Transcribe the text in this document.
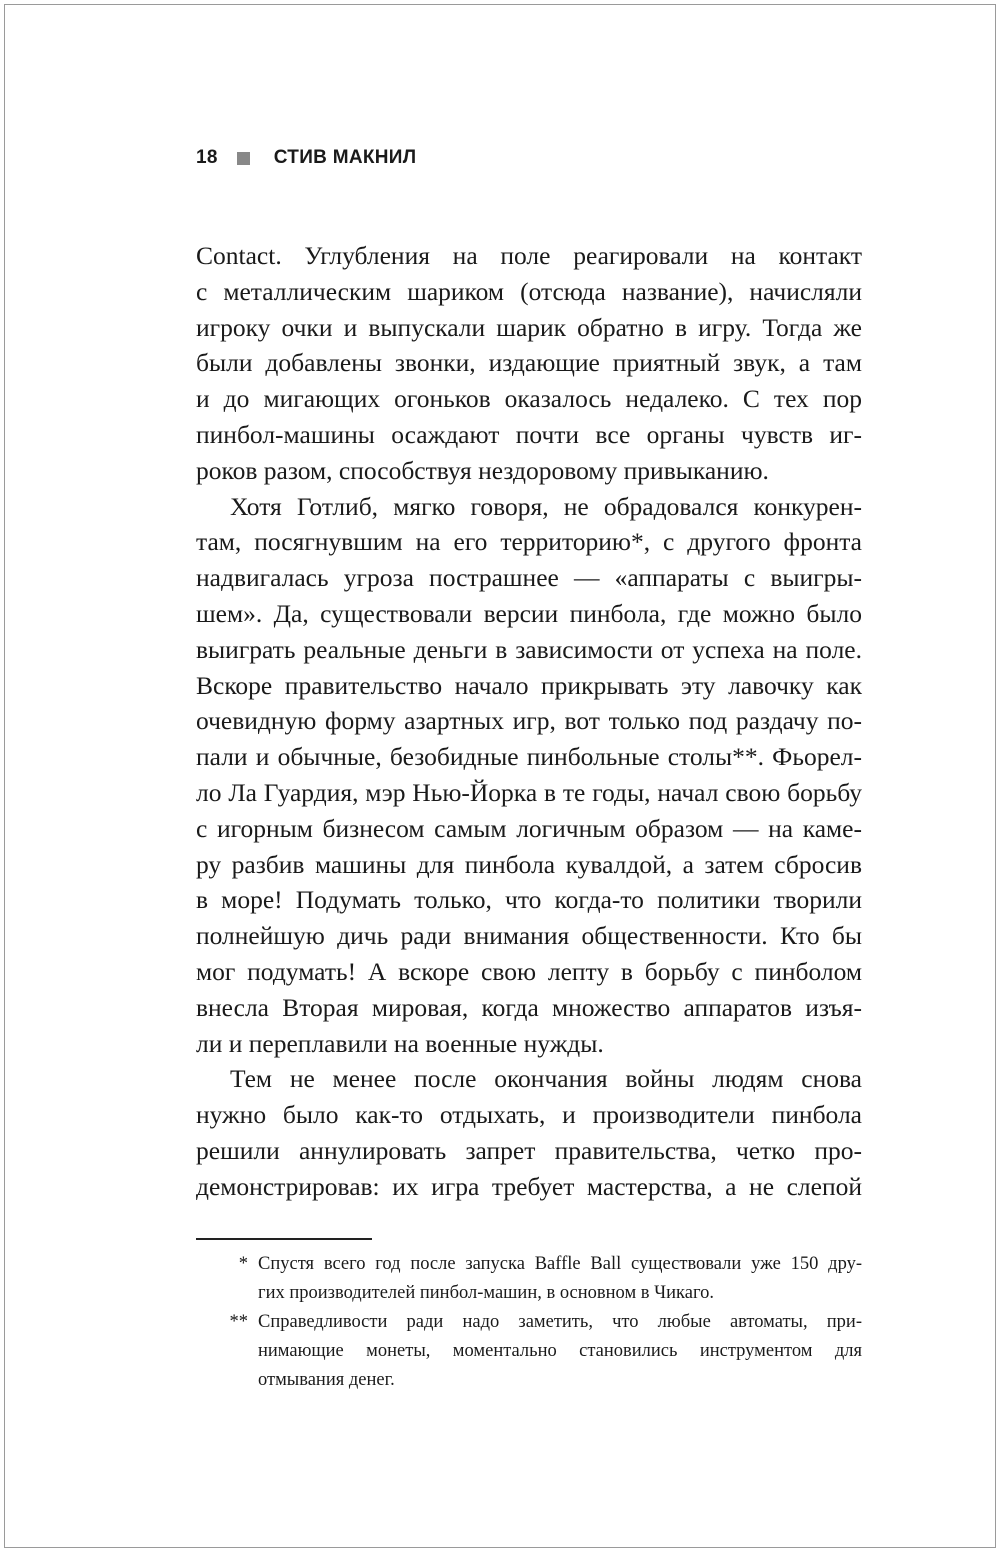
18	СТИВ МАКНИЛ

Contact. Углубления на поле реагировали на контакт
с металлическим шариком (отсюда название), начисляли
игроку очки и выпускали шарик обратно в игру. Тогда же
были добавлены звонки, издающие приятный звук, а там
и до мигающих огоньков оказалось недалеко. С тех пор
пинбол-машины осаждают почти все органы чувств иг-
роков разом, способствуя нездоровому привыканию.

Хотя Готлиб, мягко говоря, не обрадовался конкурен-
там, посягнувшим на его территорию*, с другого фронта
надвигалась угроза пострашнее — «аппараты с выигры-
шем». Да, существовали версии пинбола, где можно было
выиграть реальные деньги в зависимости от успеха на поле.
Вскоре правительство начало прикрывать эту лавочку как
очевидную форму азартных игр, вот только под раздачу по-
пали и обычные, безобидные пинбольные столы**. Фьорел-
ло Ла Гуардия, мэр Нью-Йорка в те годы, начал свою борьбу
с игорным бизнесом самым логичным образом — на каме-
ру разбив машины для пинбола кувалдой, а затем сбросив
в море! Подумать только, что когда-то политики творили
полнейшую дичь ради внимания общественности. Кто бы
мог подумать! А вскоре свою лепту в борьбу с пинболом
внесла Вторая мировая, когда множество аппаратов изъя-
ли и переплавили на военные нужды.

Тем не менее после окончания войны людям снова
нужно было как-то отдыхать, и производители пинбола
решили аннулировать запрет правительства, четко про-
демонстрировав: их игра требует мастерства, а не слепой

* Спустя всего год после запуска Baffle Ball существовали уже 150 дру-
гих производителей пинбол-машин, в основном в Чикаго.
** Справедливости ради надо заметить, что любые автоматы, при-
нимающие монеты, моментально становились инструментом для
отмывания денег.
